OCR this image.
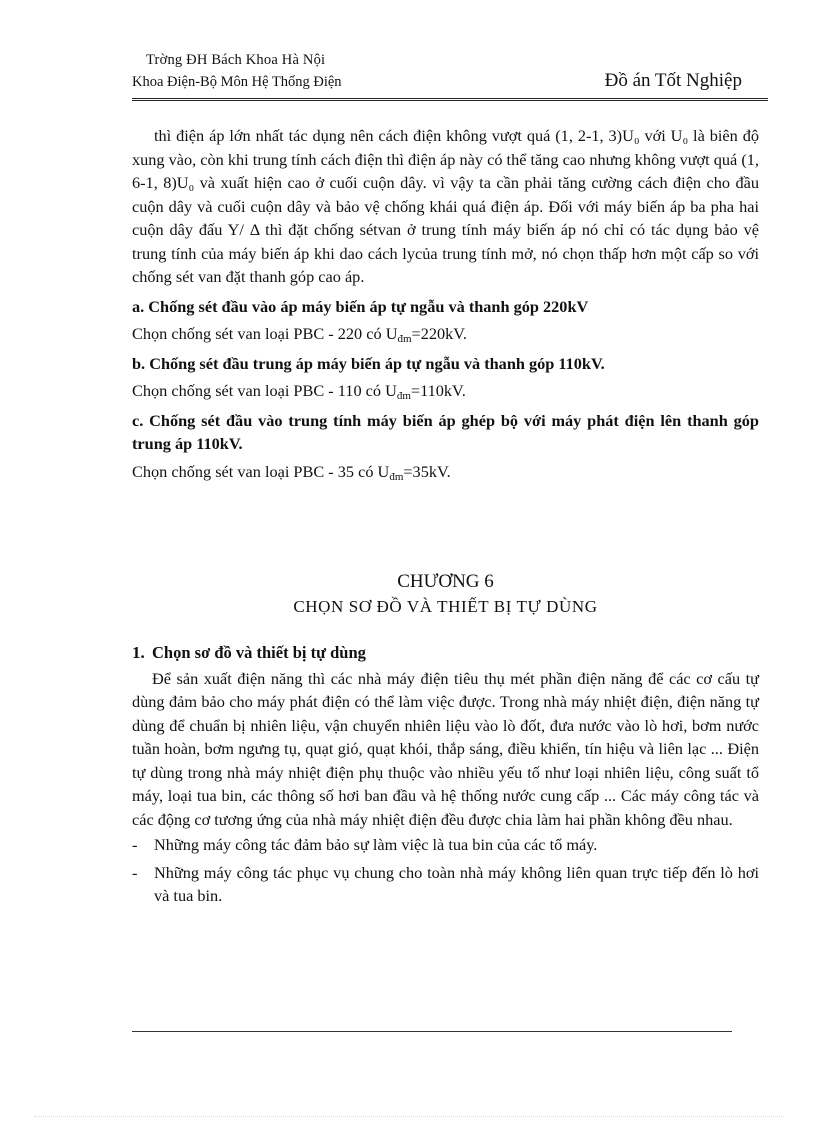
Trờng ĐH Bách Khoa Hà Nội
Khoa Điện-Bộ Môn Hệ Thống Điện	Đồ án Tốt Nghiệp

thì điện áp lớn nhất tác dụng nên cách điện không vượt quá (1, 2-1, 3)U₀ với U₀ là biên độ xung vào, còn khi trung tính cách điện thì điện áp này có thể tăng cao nhưng không vượt quá (1, 6-1, 8)U₀ và xuất hiện cao ở cuối cuộn dây. vì vậy ta cần phải tăng cường cách điện cho đầu cuộn dây và cuối cuộn dây và bảo vệ chống khái quá điện áp. Đối với máy biến áp ba pha hai cuộn dây đấu Y/ Δ thì đặt chống sétvan ở trung tính máy biến áp nó chỉ có tác dụng bảo vệ trung tính của máy biến áp khi dao cách lycủa trung tính mở, nó chọn thấp hơn một cấp so với chống sét van đặt thanh góp cao áp.

a. Chống sét đầu vào áp máy biến áp tự ngẫu và thanh góp 220kV

Chọn chống sét van loại PBC - 220 có $U_{đm}=220kV$.

b. Chống sét đầu trung áp máy biến áp tự ngẫu và thanh góp 110kV.

Chọn chống sét van loại PBC - 110 có $U_{đm}=110kV$.

c. Chống sét đầu vào trung tính máy biến áp ghép bộ với máy phát điện lên thanh góp trung áp 110kV.

Chọn chống sét van loại PBC - 35 có $U_{đm}=35kV$.

CHƯƠNG 6
CHỌN SƠ ĐỒ VÀ THIẾT BỊ TỰ DÙNG
1. Chọn sơ đồ và thiết bị tự dùng

Để sản xuất điện năng thì các nhà máy điện tiêu thụ mét phần điện năng để các cơ cấu tự dùng đảm bảo cho máy phát điện có thể làm việc được. Trong nhà máy nhiệt điện, điện năng tự dùng để chuẩn bị nhiên liệu, vận chuyển nhiên liệu vào lò đốt, đưa nước vào lò hơi, bơm nước tuần hoàn, bơm ngưng tụ, quạt gió, quạt khói, thắp sáng, điều khiển, tín hiệu và liên lạc ... Điện tự dùng trong nhà máy nhiệt điện phụ thuộc vào nhiều yếu tố như loại nhiên liệu, công suất tổ máy, loại tua bin, các thông số hơi ban đầu và hệ thống nước cung cấp ... Các máy công tác và các động cơ tương ứng của nhà máy nhiệt điện đều được chia làm hai phần không đều nhau.

- Những máy công tác đảm bảo sự làm việc là tua bin của các tổ máy.

- Những máy công tác phục vụ chung cho toàn nhà máy không liên quan trực tiếp đến lò hơi và tua bin.
